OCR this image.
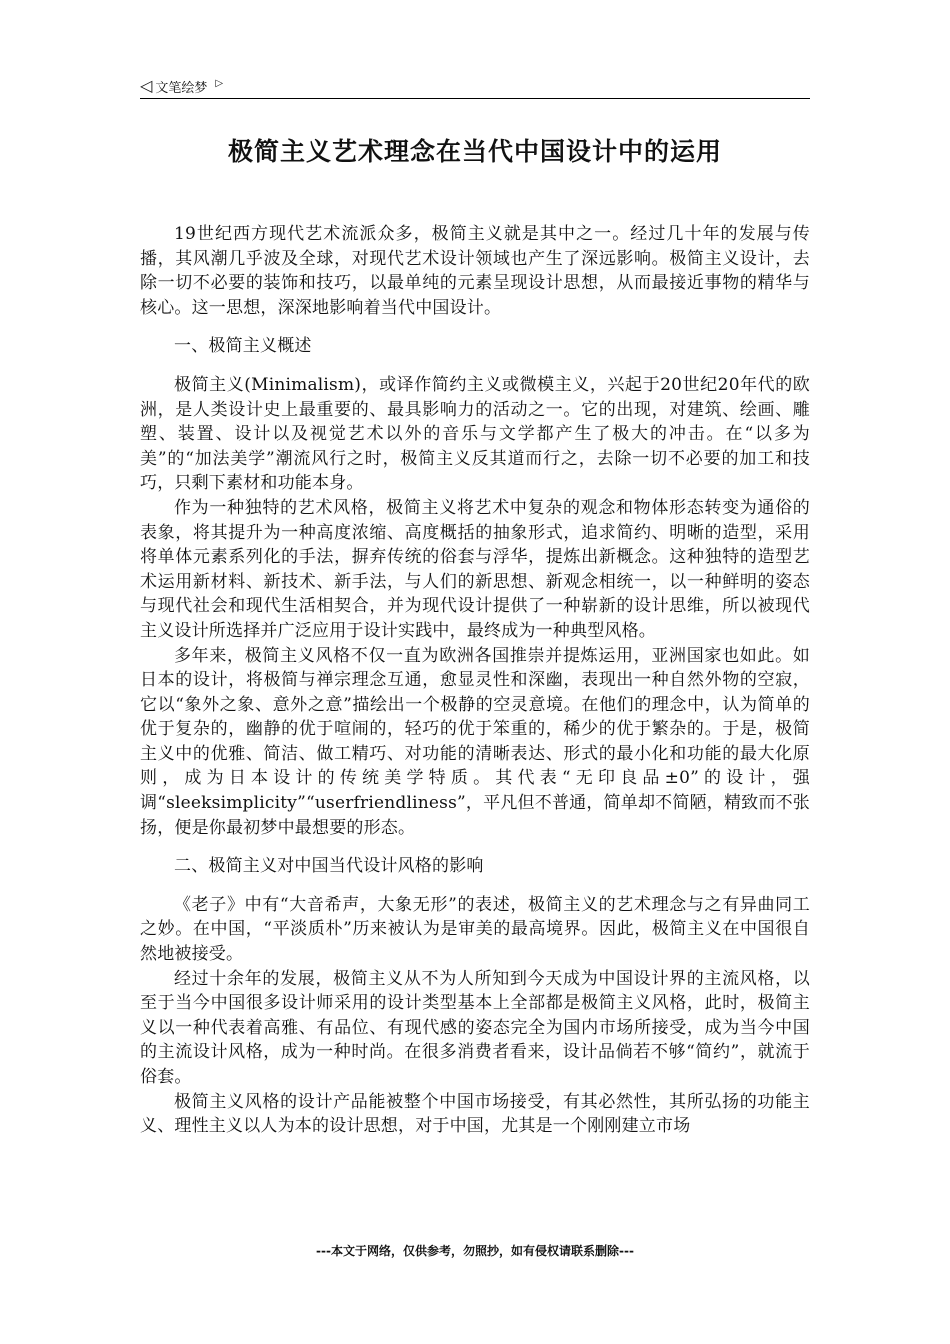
◁ 文笔绘梦 ▷
极简主义艺术理念在当代中国设计中的运用

19世纪西方现代艺术流派众多，极简主义就是其中之一。经过几十年的发展与传播，其风潮几乎波及全球，对现代艺术设计领域也产生了深远影响。极简主义设计，去除一切不必要的装饰和技巧，以最单纯的元素呈现设计思想，从而最接近事物的精华与核心。这一思想，深深地影响着当代中国设计。

一、极简主义概述

极简主义(Minimalism)，或译作简约主义或微模主义，兴起于20世纪20年代的欧洲，是人类设计史上最重要的、最具影响力的活动之一。它的出现，对建筑、绘画、雕塑、装置、设计以及视觉艺术以外的音乐与文学都产生了极大的冲击。在“以多为美”的“加法美学”潮流风行之时，极简主义反其道而行之，去除一切不必要的加工和技巧，只剩下素材和功能本身。

作为一种独特的艺术风格，极简主义将艺术中复杂的观念和物体形态转变为通俗的表象，将其提升为一种高度浓缩、高度概括的抽象形式，追求简约、明晰的造型，采用将单体元素系列化的手法，摒弃传统的俗套与浮华，提炼出新概念。这种独特的造型艺术运用新材料、新技术、新手法，与人们的新思想、新观念相统一，以一种鲜明的姿态与现代社会和现代生活相契合，并为现代设计提供了一种崭新的设计思维，所以被现代主义设计所选择并广泛应用于设计实践中，最终成为一种典型风格。

多年来，极简主义风格不仅一直为欧洲各国推崇并提炼运用，亚洲国家也如此。如日本的设计，将极简与禅宗理念互通，愈显灵性和深幽，表现出一种自然外物的空寂，它以“象外之象、意外之意”描绘出一个极静的空灵意境。在他们的理念中，认为简单的优于复杂的，幽静的优于喧闹的，轻巧的优于笨重的，稀少的优于繁杂的。于是，极简主义中的优雅、简洁、做工精巧、对功能的清晰表达、形式的最小化和功能的最大化原则，成为日本设计的传统美学特质。其代表“无印良品±0”的设计，强调“sleeksimplicity”“userfriendliness”，平凡但不普通，简单却不简陋，精致而不张扬，便是你最初梦中最想要的形态。

二、极简主义对中国当代设计风格的影响

《老子》中有“大音希声，大象无形”的表述，极简主义的艺术理念与之有异曲同工之妙。在中国，“平淡质朴”历来被认为是审美的最高境界。因此，极简主义在中国很自然地被接受。

经过十余年的发展，极简主义从不为人所知到今天成为中国设计界的主流风格，以至于当今中国很多设计师采用的设计类型基本上全部都是极简主义风格，此时，极简主义以一种代表着高雅、有品位、有现代感的姿态完全为国内市场所接受，成为当今中国的主流设计风格，成为一种时尚。在很多消费者看来，设计品倘若不够“简约”，就流于俗套。

极简主义风格的设计产品能被整个中国市场接受，有其必然性，其所弘扬的功能主义、理性主义以人为本的设计思想，对于中国，尤其是一个刚刚建立市场

---本文于网络，仅供参考，勿照抄，如有侵权请联系删除---
